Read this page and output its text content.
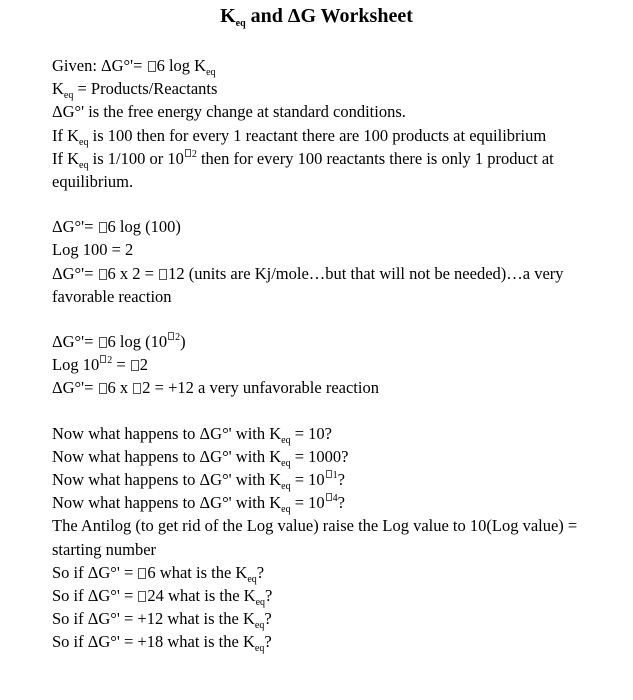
$K_{eq}$ and ΔG Worksheet
Given: ΔG°'= 6 $\log K_{eq}$
$K_{eq}$ = Products/Reactants
ΔG°' is the free energy change at standard conditions.
If $K_{eq}$ is 100 then for every 1 reactant there are 100 products at equilibrium
If $K_{eq}$ is 1/100 or 10 $^2$ then for every 100 reactants there is only 1 product at equilibrium.
ΔG°'= 6 log (100)
Log 100 = 2
ΔG°'= 6 x 2 = 12 (units are Kj/mole…but that will not be needed)…a very favorable reaction
ΔG°'= 6 log (10 $^2$)
Log 10 $^2$ = 2
ΔG°'= 6 x 2 = +12 a very unfavorable reaction
Now what happens to ΔG°' with $K_{eq} = 10$?
Now what happens to ΔG°' with $K_{eq} = 1000$?
Now what happens to ΔG°' with $K_{eq} = 10$ $^1$?
Now what happens to ΔG°' with $K_{eq} = 10$ $^4$?
The Antilog (to get rid of the Log value) raise the Log value to 10(Log value) = starting number
So if ΔG°' = 6 what is the $K_{eq}$?
So if ΔG°' = 24 what is the $K_{eq}$?
So if ΔG°' = +12 what is the $K_{eq}$?
So if ΔG°' = +18 what is the $K_{eq}$?
